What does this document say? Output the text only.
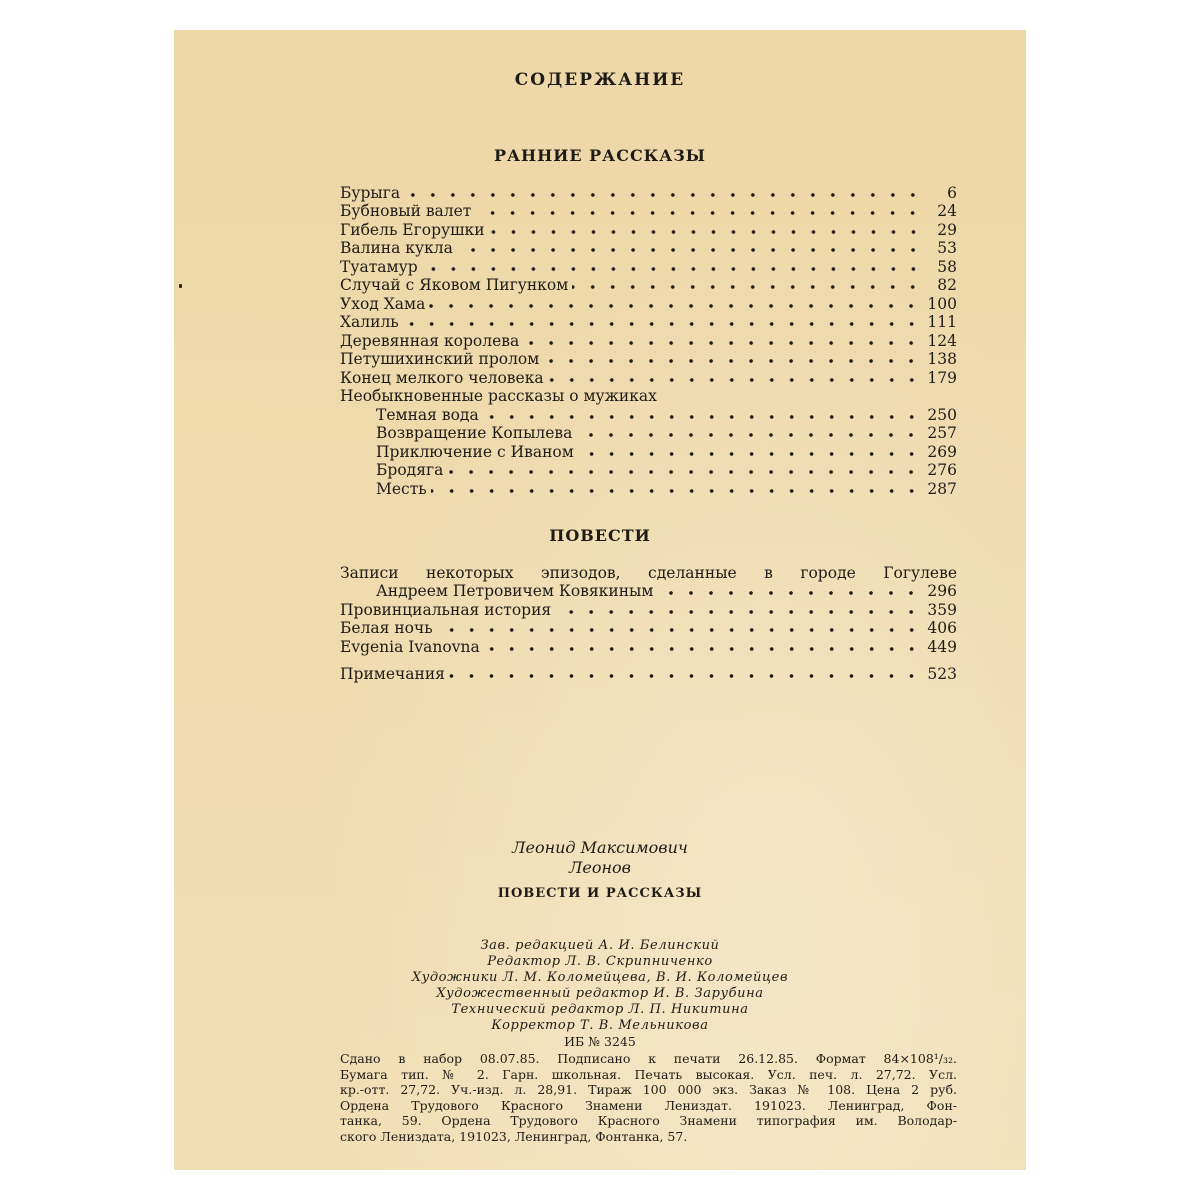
СОДЕРЖАНИЕ
РАННИЕ РАССКАЗЫ
Бурыга	6
Бубновый валет	24
Гибель Егорушки	29
Валина кукла	53
Туатамур	58
Случай с Яковом Пигунком	82
Уход Хама	100
Халиль	111
Деревянная королева	124
Петушихинский пролом	138
Конец мелкого человека	179
Необыкновенные рассказы о мужиках
Темная вода	250
Возвращение Копылева	257
Приключение с Иваном	269
Бродяга	276
Месть	287
ПОВЕСТИ
Записи некоторых эпизодов, сделанные в городе Гогулеве
Андреем Петровичем Ковякиным	296
Провинциальная история	359
Белая ночь	406
Evgenia Ivanovna	449
Примечания	523
Леонид Максимович
Леонов
ПОВЕСТИ И РАССКАЗЫ
Зав. редакцией А. И. Белинский
Редактор Л. В. Скрипниченко
Художники Л. М. Коломейцева, В. И. Коломейцев
Художественный редактор И. В. Зарубина
Технический редактор Л. П. Никитина
Корректор Т. В. Мельникова
ИБ № 3245
Сдано в набор 08.07.85. Подписано к печати 26.12.85. Формат 84×108¹/₃₂.
Бумага тип. № 2. Гарн. школьная. Печать высокая. Усл. печ. л. 27,72. Усл.
кр.-отт. 27,72. Уч.-изд. л. 28,91. Тираж 100 000 экз. Заказ № 108. Цена 2 руб.
Ордена Трудового Красного Знамени Лениздат. 191023. Ленинград, Фон-
танка, 59. Ордена Трудового Красного Знамени типография им. Володар-
ского Лениздата, 191023, Ленинград, Фонтанка, 57.
